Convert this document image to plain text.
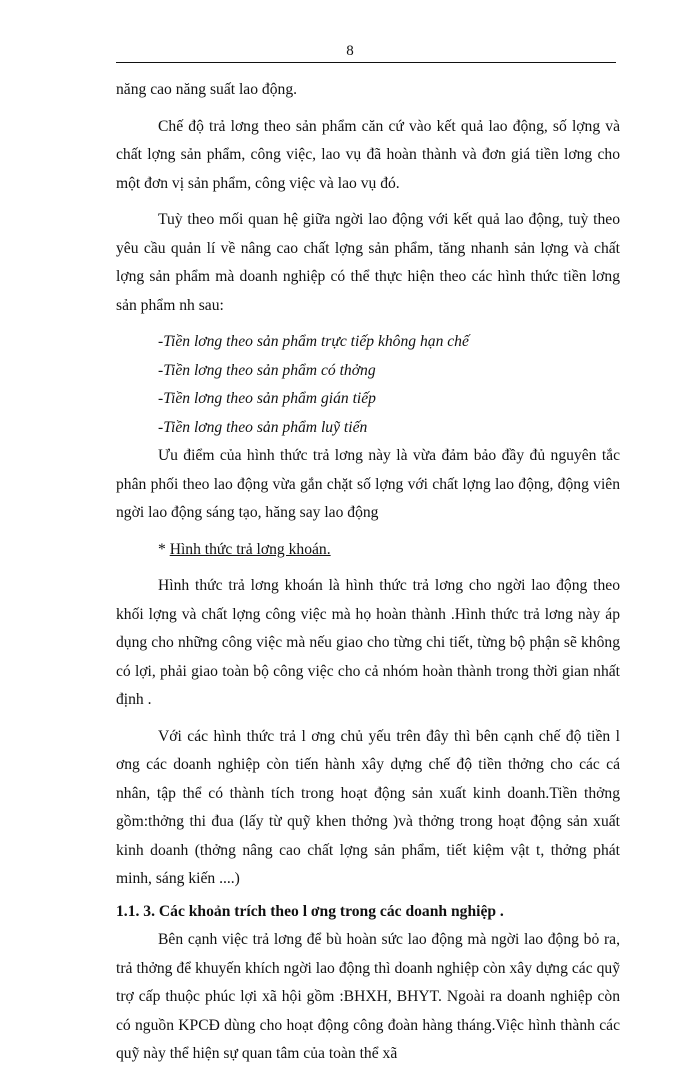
8

năng cao năng suất lao động.

Chế độ trả lơng theo sản phẩm căn cứ vào kết quả lao động, số lợng và chất lợng sản phẩm, công việc, lao vụ đã hoàn thành và đơn giá tiền lơng cho một đơn vị sản phẩm, công việc và lao vụ đó.

Tuỳ theo mối quan hệ giữa ngời lao động với kết quả lao động, tuỳ theo yêu cầu quản lí về nâng cao chất lợng sản phẩm, tăng nhanh sản lợng và chất lợng sản phẩm mà doanh nghiệp có thể thực hiện theo các hình thức tiền lơng sản phẩm nh sau:

-Tiền lơng theo sản phẩm trực tiếp không hạn chế

-Tiền lơng theo sản phẩm có thởng

-Tiền lơng theo sản phẩm gián tiếp

-Tiền lơng theo sản phẩm luỹ tiến

Ưu điểm của hình thức trả lơng này là vừa đảm bảo đầy đủ nguyên tắc phân phối theo lao động vừa gắn chặt số lợng với chất lợng lao động, động viên ngời lao động sáng tạo, hăng say lao động

* Hình thức trả lơng khoán.

Hình thức trả lơng khoán là hình thức trả lơng cho ngời lao động theo khối lợng và chất lợng công việc mà họ hoàn thành .Hình thức trả lơng này áp dụng cho những công việc mà nếu giao cho từng chi tiết, từng bộ phận sẽ không có lợi, phải giao toàn bộ công việc cho cả nhóm hoàn thành trong thời gian nhất định .

Với các hình thức trả l ơng chủ yếu trên đây thì bên cạnh chế độ tiền l ơng các doanh nghiệp còn tiến hành xây dựng chế độ tiền thởng cho các cá nhân, tập thể có thành tích trong hoạt động sản xuất kinh doanh.Tiền thởng gồm:thởng thi đua (lấy từ quỹ khen thởng )và thởng trong hoạt động sản xuất kinh doanh (thởng nâng cao chất lợng sản phẩm, tiết kiệm vật t, thởng phát minh, sáng kiến ....)

1.1. 3. Các khoản trích theo l ơng trong các doanh nghiệp .

Bên cạnh việc trả lơng để bù hoàn sức lao động mà ngời lao động bỏ ra, trả thởng để khuyến khích ngời lao động thì doanh nghiệp còn xây dựng các quỹ trợ cấp thuộc phúc lợi xã hội gồm :BHXH, BHYT. Ngoài ra doanh nghiệp còn có nguồn KPCĐ dùng cho hoạt động công đoàn hàng tháng.Việc hình thành các quỹ này thể hiện sự quan tâm của toàn thể xã
